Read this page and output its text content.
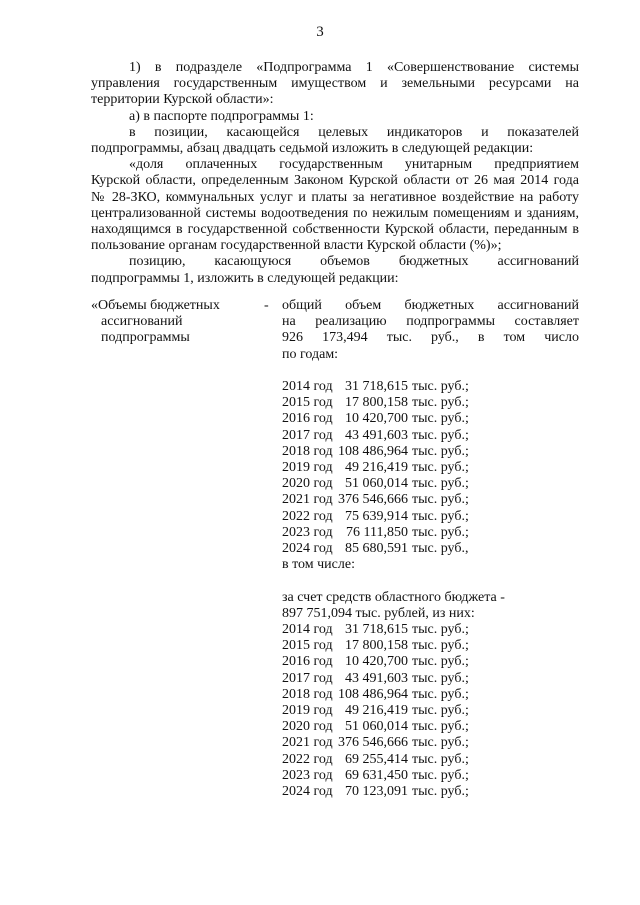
3
1) в подразделе «Подпрограмма 1 «Совершенствование системы
управления государственным имуществом и земельными ресурсами на
территории Курской области»:
а) в паспорте подпрограммы 1:
в позиции, касающейся целевых индикаторов и показателей
подпрограммы, абзац двадцать седьмой изложить в следующей редакции:
«доля оплаченных государственным унитарным предприятием
Курской области, определенным Законом Курской области от 26 мая 2014 года
№ 28-ЗКО, коммунальных услуг и платы за негативное воздействие на работу
централизованной системы водоотведения по нежилым помещениям и зданиям,
находящимся в государственной собственности Курской области, переданным в
пользование органам государственной власти Курской области (%)»;
позицию, касающуюся объемов бюджетных ассигнований
подпрограммы 1, изложить в следующей редакции:
«Объемы бюджетных
ассигнований
подпрограммы
- общий объем бюджетных ассигнований
на реализацию подпрограммы составляет
926 173,494 тыс. руб., в том число
по годам:
2014 год 31 718,615 тыс. руб.;
2015 год 17 800,158 тыс. руб.;
2016 год 10 420,700 тыс. руб.;
2017 год 43 491,603 тыс. руб.;
2018 год 108 486,964 тыс. руб.;
2019 год 49 216,419 тыс. руб.;
2020 год 51 060,014 тыс. руб.;
2021 год 376 546,666 тыс. руб.;
2022 год 75 639,914 тыс. руб.;
2023 год 76 111,850 тыс. руб.;
2024 год 85 680,591 тыс. руб.,
в том числе:
за счет средств областного бюджета -
897 751,094 тыс. рублей, из них:
2014 год 31 718,615 тыс. руб.;
2015 год 17 800,158 тыс. руб.;
2016 год 10 420,700 тыс. руб.;
2017 год 43 491,603 тыс. руб.;
2018 год 108 486,964 тыс. руб.;
2019 год 49 216,419 тыс. руб.;
2020 год 51 060,014 тыс. руб.;
2021 год 376 546,666 тыс. руб.;
2022 год 69 255,414 тыс. руб.;
2023 год 69 631,450 тыс. руб.;
2024 год 70 123,091 тыс. руб.;
